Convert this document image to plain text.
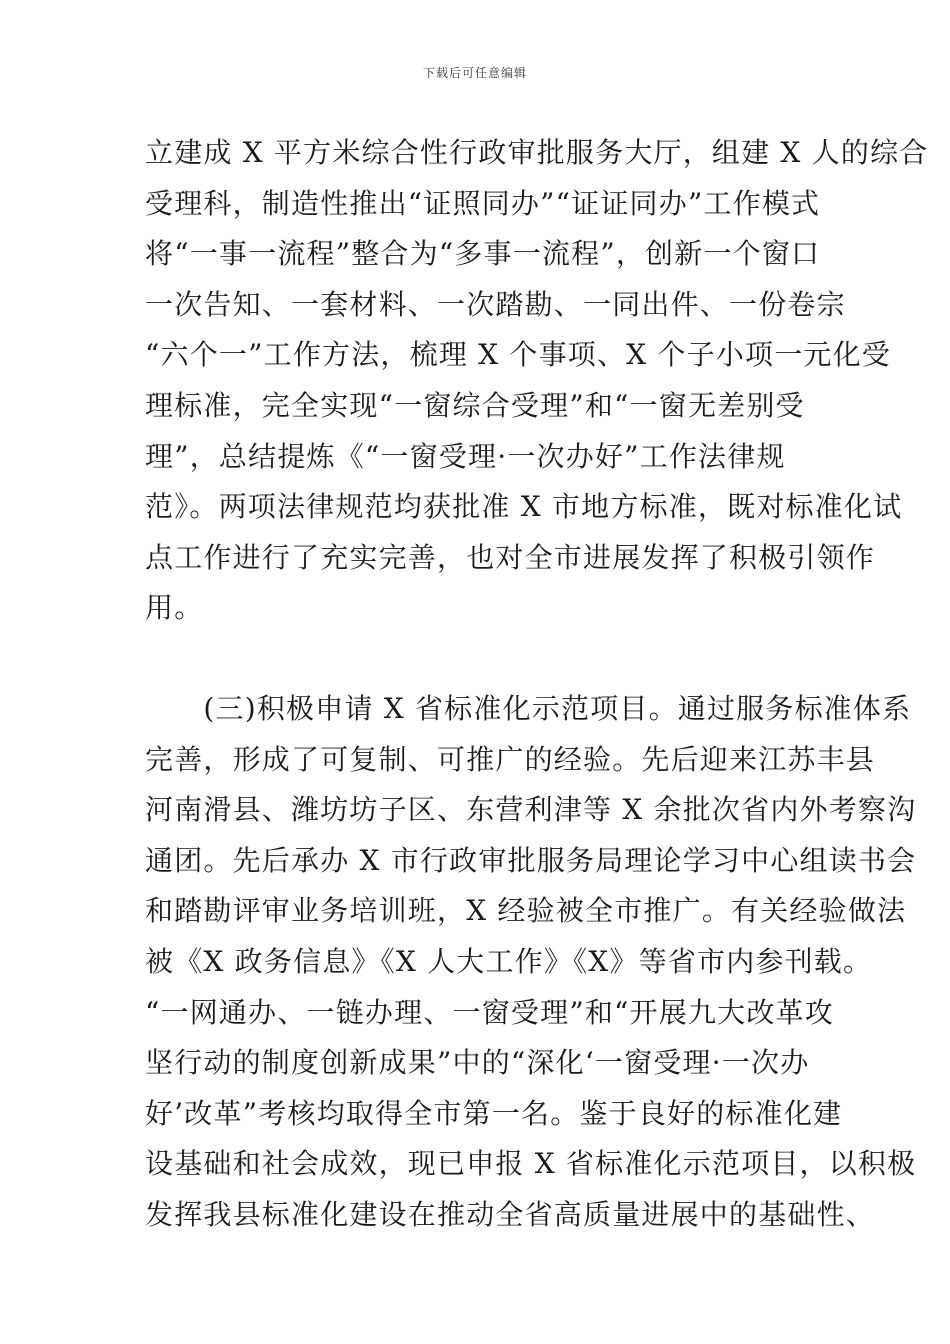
下载后可任意编辑
立建成 X 平方米综合性行政审批服务大厅，组建 X 人的综合
受理科，制造性推出“证照同办”“证证同办”工作模式
将“一事一流程”整合为“多事一流程”，创新一个窗口
一次告知、一套材料、一次踏勘、一同出件、一份卷宗
“六个一”工作方法，梳理 X 个事项、X 个子小项一元化受
理标准，完全实现“一窗综合受理”和“一窗无差别受
理”，总结提炼《“一窗受理·一次办好”工作法律规
范》。两项法律规范均获批准 X 市地方标准，既对标准化试
点工作进行了充实完善，也对全市进展发挥了积极引领作
用。
　　(三)积极申请 X 省标准化示范项目。通过服务标准体系
完善，形成了可复制、可推广的经验。先后迎来江苏丰县
河南滑县、潍坊坊子区、东营利津等 X 余批次省内外考察沟
通团。先后承办 X 市行政审批服务局理论学习中心组读书会
和踏勘评审业务培训班，X 经验被全市推广。有关经验做法
被《X 政务信息》《X 人大工作》《X》等省市内参刊载。
“一网通办、一链办理、一窗受理”和“开展九大改革攻
坚行动的制度创新成果”中的“深化‘一窗受理·一次办
好’改革”考核均取得全市第一名。鉴于良好的标准化建
设基础和社会成效，现已申报 X 省标准化示范项目，以积极
发挥我县标准化建设在推动全省高质量进展中的基础性、
